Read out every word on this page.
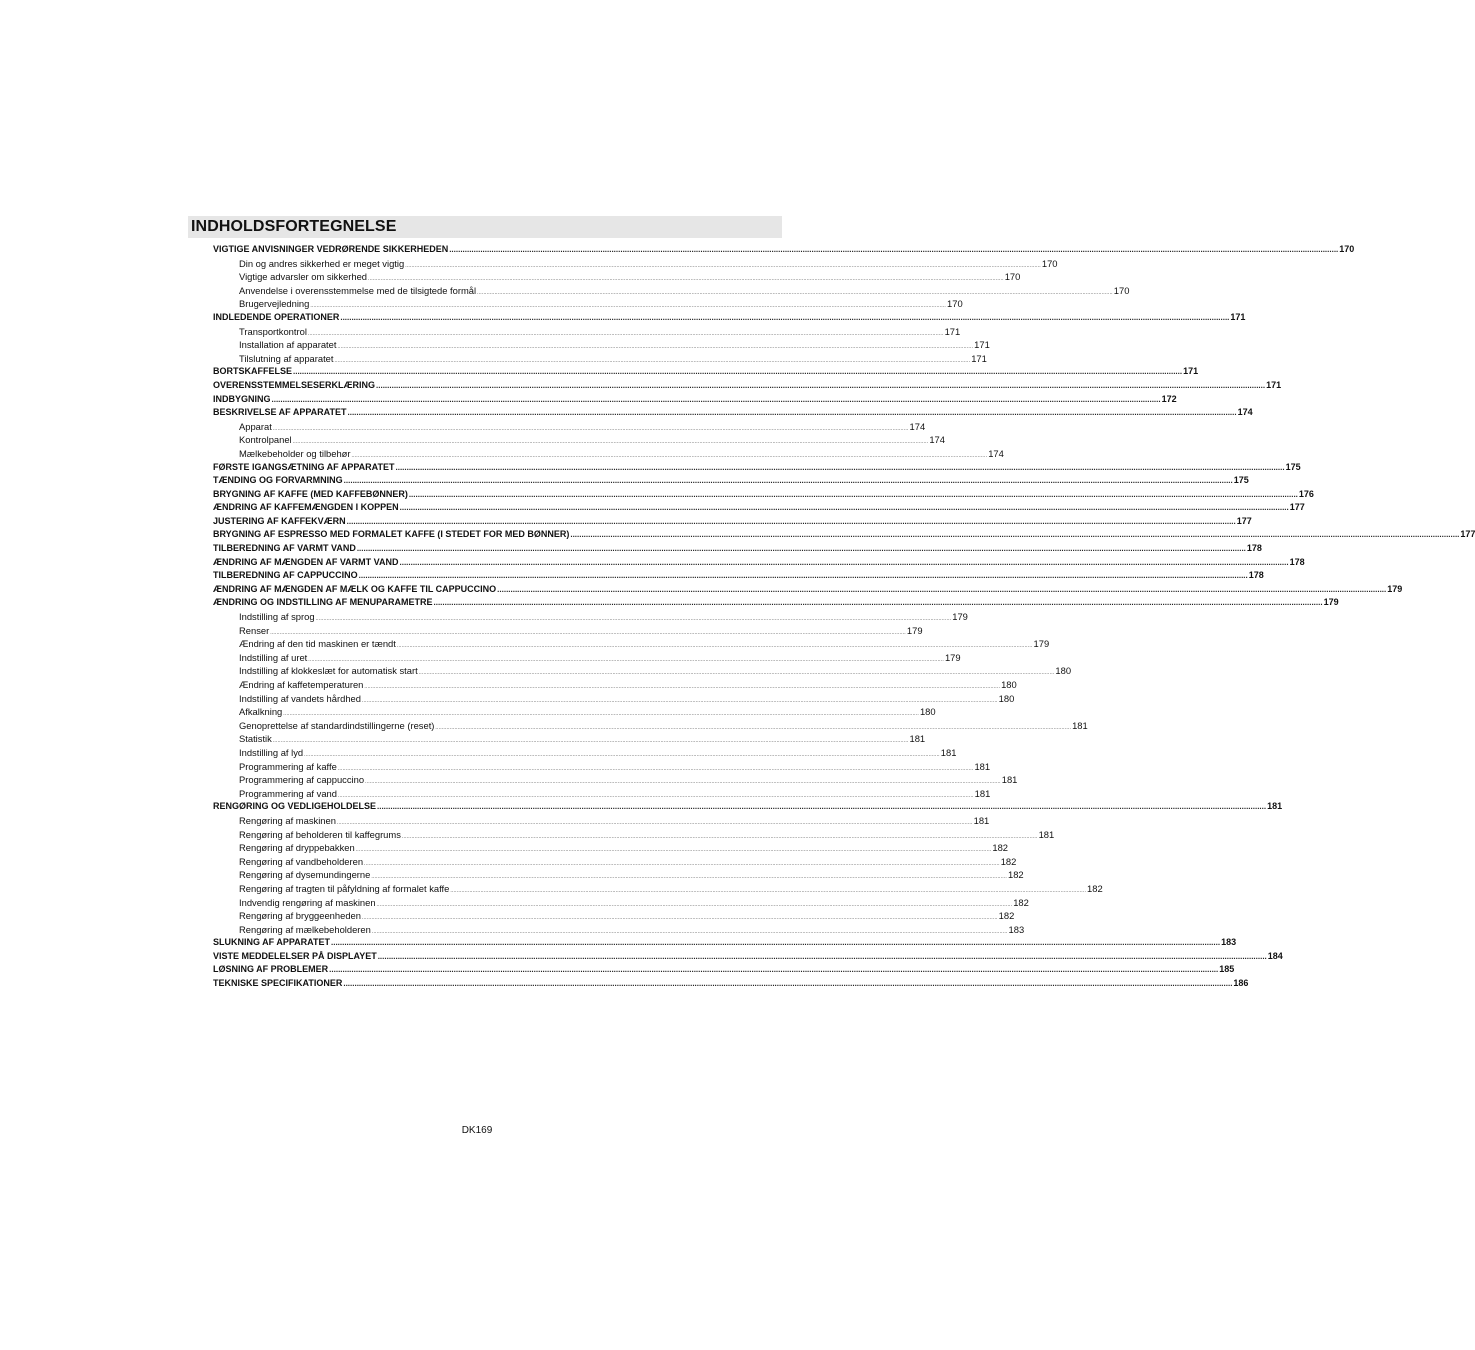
INDHOLDSFORTEGNELSE
VIGTIGE ANVISNINGER VEDRØRENDE SIKKERHEDEN ................................................................................................................................................................................................................................................................................................................................................................................................................ 170
Din og andres sikkerhed er meget vigtig ................................................................................................................................................................................................................................................................................................................................................................................................................ 170
Vigtige advarsler om sikkerhed ................................................................................................................................................................................................................................................................................................................................................................................................................ 170
Anvendelse i overensstemmelse med de tilsigtede formål ................................................................................................................................................................................................................................................................................................................................................................................................................ 170
Brugervejledning ................................................................................................................................................................................................................................................................................................................................................................................................................ 170
INDLEDENDE OPERATIONER ................................................................................................................................................................................................................................................................................................................................................................................................................ 171
Transportkontrol ................................................................................................................................................................................................................................................................................................................................................................................................................ 171
Installation af apparatet ................................................................................................................................................................................................................................................................................................................................................................................................................ 171
Tilslutning af apparatet ................................................................................................................................................................................................................................................................................................................................................................................................................ 171
BORTSKAFFELSE ................................................................................................................................................................................................................................................................................................................................................................................................................ 171
OVERENSSTEMMELSESERKLÆRING ................................................................................................................................................................................................................................................................................................................................................................................................................ 171
INDBYGNING ................................................................................................................................................................................................................................................................................................................................................................................................................ 172
BESKRIVELSE AF APPARATET ................................................................................................................................................................................................................................................................................................................................................................................................................ 174
Apparat ................................................................................................................................................................................................................................................................................................................................................................................................................ 174
Kontrolpanel ................................................................................................................................................................................................................................................................................................................................................................................................................ 174
Mælkebeholder og tilbehør ................................................................................................................................................................................................................................................................................................................................................................................................................ 174
FØRSTE IGANGSÆTNING AF APPARATET ................................................................................................................................................................................................................................................................................................................................................................................................................ 175
TÆNDING OG FORVARMNING ................................................................................................................................................................................................................................................................................................................................................................................................................ 175
BRYGNING AF KAFFE (MED KAFFEBØNNER) ................................................................................................................................................................................................................................................................................................................................................................................................................ 176
ÆNDRING AF KAFFEMÆNGDEN I KOPPEN ................................................................................................................................................................................................................................................................................................................................................................................................................ 177
JUSTERING AF KAFFEKVÆRN ................................................................................................................................................................................................................................................................................................................................................................................................................ 177
BRYGNING AF ESPRESSO MED FORMALET KAFFE (I STEDET FOR MED BØNNER) ................................................................................................................................................................................................................................................................................................................................................................................................................ 177
TILBEREDNING AF VARMT VAND ................................................................................................................................................................................................................................................................................................................................................................................................................ 178
ÆNDRING AF MÆNGDEN AF VARMT VAND ................................................................................................................................................................................................................................................................................................................................................................................................................ 178
TILBEREDNING AF CAPPUCCINO ................................................................................................................................................................................................................................................................................................................................................................................................................ 178
ÆNDRING AF MÆNGDEN AF MÆLK OG KAFFE TIL CAPPUCCINO ................................................................................................................................................................................................................................................................................................................................................................................................................ 179
ÆNDRING OG INDSTILLING AF MENUPARAMETRE ................................................................................................................................................................................................................................................................................................................................................................................................................ 179
Indstilling af sprog ................................................................................................................................................................................................................................................................................................................................................................................................................ 179
Renser ................................................................................................................................................................................................................................................................................................................................................................................................................ 179
Ændring af den tid maskinen er tændt ................................................................................................................................................................................................................................................................................................................................................................................................................ 179
Indstilling af uret ................................................................................................................................................................................................................................................................................................................................................................................................................ 179
Indstilling af klokkeslæt for automatisk start ................................................................................................................................................................................................................................................................................................................................................................................................................ 180
Ændring af kaffetemperaturen ................................................................................................................................................................................................................................................................................................................................................................................................................ 180
Indstilling af vandets hårdhed ................................................................................................................................................................................................................................................................................................................................................................................................................ 180
Afkalkning ................................................................................................................................................................................................................................................................................................................................................................................................................ 180
Genoprettelse af standardindstillingerne (reset) ................................................................................................................................................................................................................................................................................................................................................................................................................ 181
Statistik ................................................................................................................................................................................................................................................................................................................................................................................................................ 181
Indstilling af lyd ................................................................................................................................................................................................................................................................................................................................................................................................................ 181
Programmering af kaffe ................................................................................................................................................................................................................................................................................................................................................................................................................ 181
Programmering af cappuccino ................................................................................................................................................................................................................................................................................................................................................................................................................ 181
Programmering af vand ................................................................................................................................................................................................................................................................................................................................................................................................................ 181
RENGØRING OG VEDLIGEHOLDELSE ................................................................................................................................................................................................................................................................................................................................................................................................................ 181
Rengøring af maskinen ................................................................................................................................................................................................................................................................................................................................................................................................................ 181
Rengøring af beholderen til kaffegrums ................................................................................................................................................................................................................................................................................................................................................................................................................ 181
Rengøring af dryppebakken ................................................................................................................................................................................................................................................................................................................................................................................................................ 182
Rengøring af vandbeholderen ................................................................................................................................................................................................................................................................................................................................................................................................................ 182
Rengøring af dysemundingerne ................................................................................................................................................................................................................................................................................................................................................................................................................ 182
Rengøring af tragten til påfyldning af formalet kaffe ................................................................................................................................................................................................................................................................................................................................................................................................................ 182
Indvendig rengøring af maskinen ................................................................................................................................................................................................................................................................................................................................................................................................................ 182
Rengøring af bryggeenheden ................................................................................................................................................................................................................................................................................................................................................................................................................ 182
Rengøring af mælkebeholderen ................................................................................................................................................................................................................................................................................................................................................................................................................ 183
SLUKNING AF APPARATET ................................................................................................................................................................................................................................................................................................................................................................................................................ 183
VISTE MEDDELELSER PÅ DISPLAYET ................................................................................................................................................................................................................................................................................................................................................................................................................ 184
LØSNING AF PROBLEMER ................................................................................................................................................................................................................................................................................................................................................................................................................ 185
TEKNISKE SPECIFIKATIONER ................................................................................................................................................................................................................................................................................................................................................................................................................ 186
DK169
